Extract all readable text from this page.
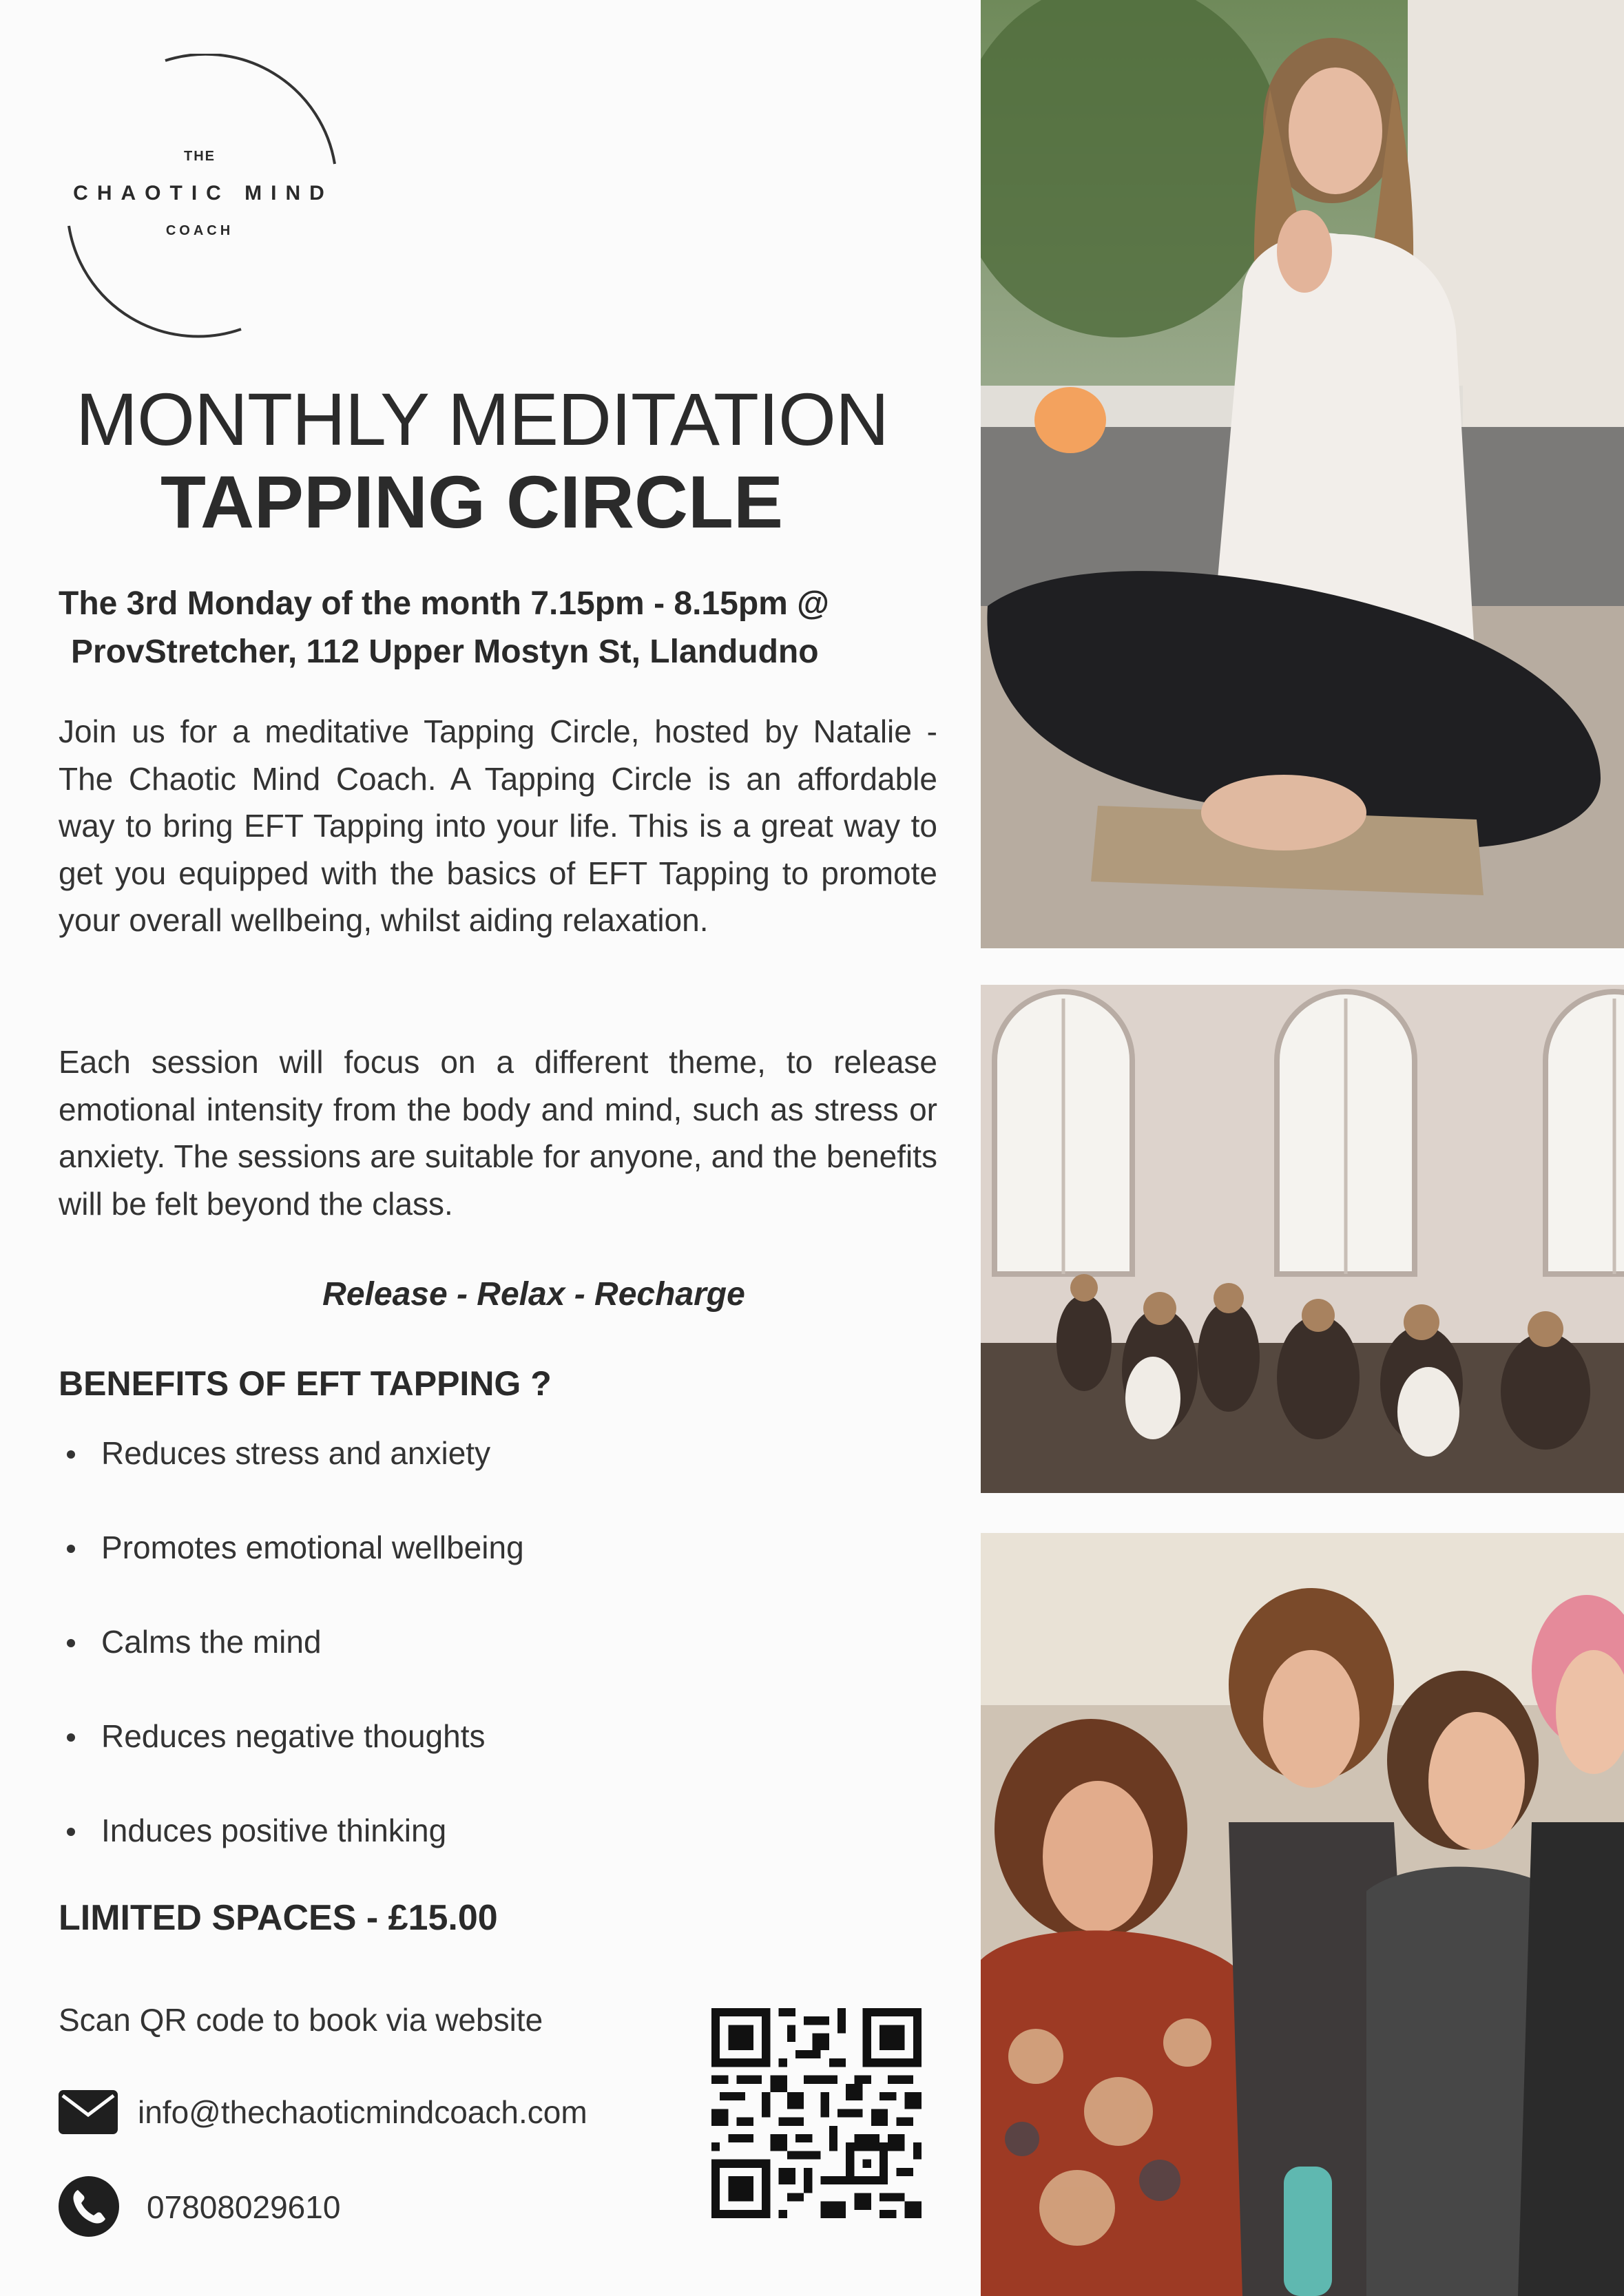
THE
CHAOTIC MIND
COACH
MONTHLY MEDITATION
TAPPING CIRCLE
The 3rd Monday of the month 7.15pm - 8.15pm @
ProvStretcher, 112 Upper Mostyn St, Llandudno
Join us for a meditative Tapping Circle, hosted by Natalie - The Chaotic Mind Coach. A Tapping Circle is an affordable way to bring EFT Tapping into your life. This is a great way to get you equipped with the basics of EFT Tapping to promote your overall wellbeing, whilst aiding relaxation.
Each session will focus on a different theme, to release emotional intensity from the body and mind, such as stress or anxiety. The sessions are suitable for anyone, and the benefits will be felt beyond the class.
Release - Relax - Recharge
BENEFITS OF EFT TAPPING ?
Reduces stress and anxiety
Promotes emotional wellbeing
Calms the mind
Reduces negative thoughts
Induces positive thinking
LIMITED SPACES - £15.00
Scan QR code to book via website
info@thechaoticmindcoach.com
07808029610
